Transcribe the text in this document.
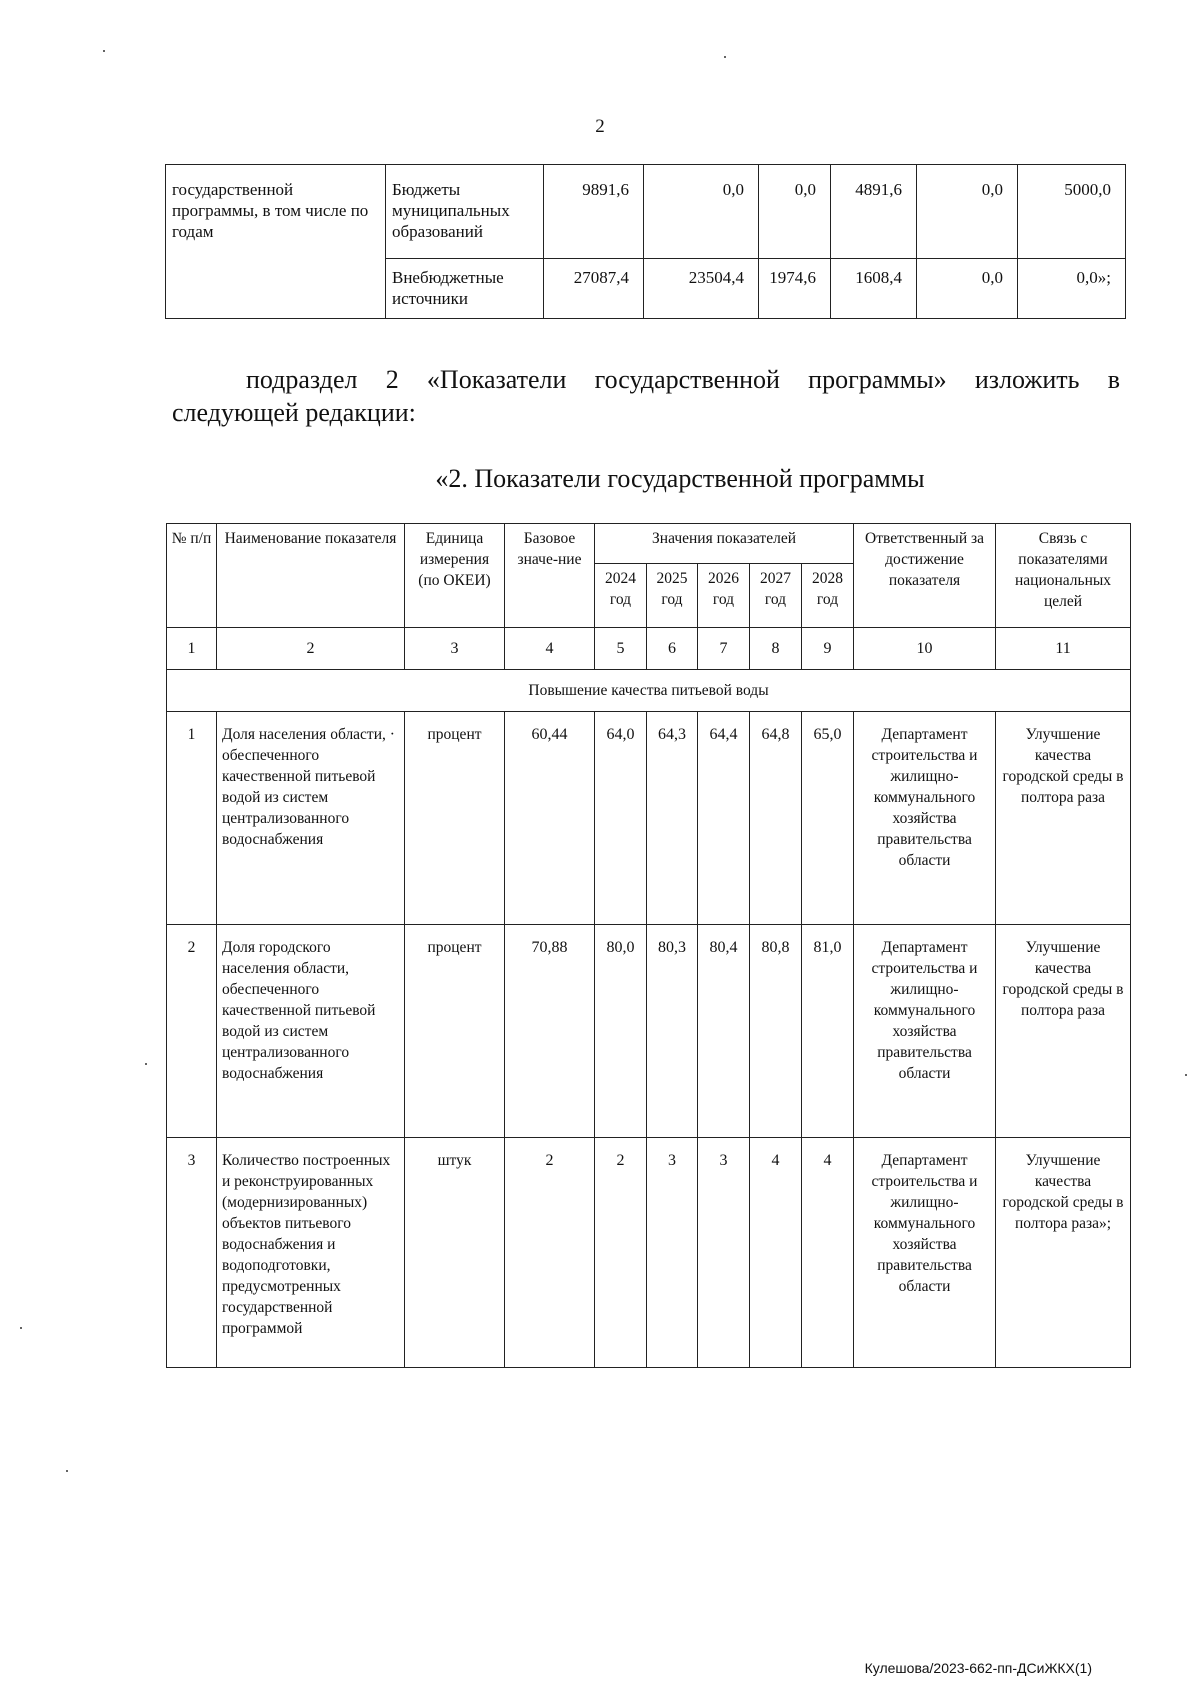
2
государственной программы, в том числе по годам	Бюджеты муниципальных образований	9891,6	0,0	0,0	4891,6	0,0	5000,0
	Внебюджетные источники	27087,4	23504,4	1974,6	1608,4	0,0	0,0»;
подраздел 2 «Показатели государственной программы» изложить в следующей редакции:
«2. Показатели государственной программы
№ п/п	Наименование показателя	Единица измерения (по ОКЕИ)	Базовое значе-ние	Значения показателей					Ответственный за достижение показателя	Связь с показателями национальных целей
				2024 год	2025 год	2026 год	2027 год	2028 год		
1	2	3	4	5	6	7	8	9	10	11
Повышение качества питьевой воды										
1	Доля населения области, · обеспеченного качественной питьевой водой из систем централизованного водоснабжения	процент	60,44	64,0	64,3	64,4	64,8	65,0	Департамент строительства и жилищно-коммунального хозяйства правительства области	Улучшение качества городской среды в полтора раза
2	Доля городского населения области, обеспеченного качественной питьевой водой из систем централизованного водоснабжения	процент	70,88	80,0	80,3	80,4	80,8	81,0	Департамент строительства и жилищно-коммунального хозяйства правительства области	Улучшение качества городской среды в полтора раза
3	Количество построенных и реконструированных (модернизированных) объектов питьевого водоснабжения и водоподготовки, предусмотренных государственной программой	штук	2	2	3	3	4	4	Департамент строительства и жилищно-коммунального хозяйства правительства области	Улучшение качества городской среды в полтора раза»;
Кулешова/2023-662-пп-ДСиЖКХ(1)
